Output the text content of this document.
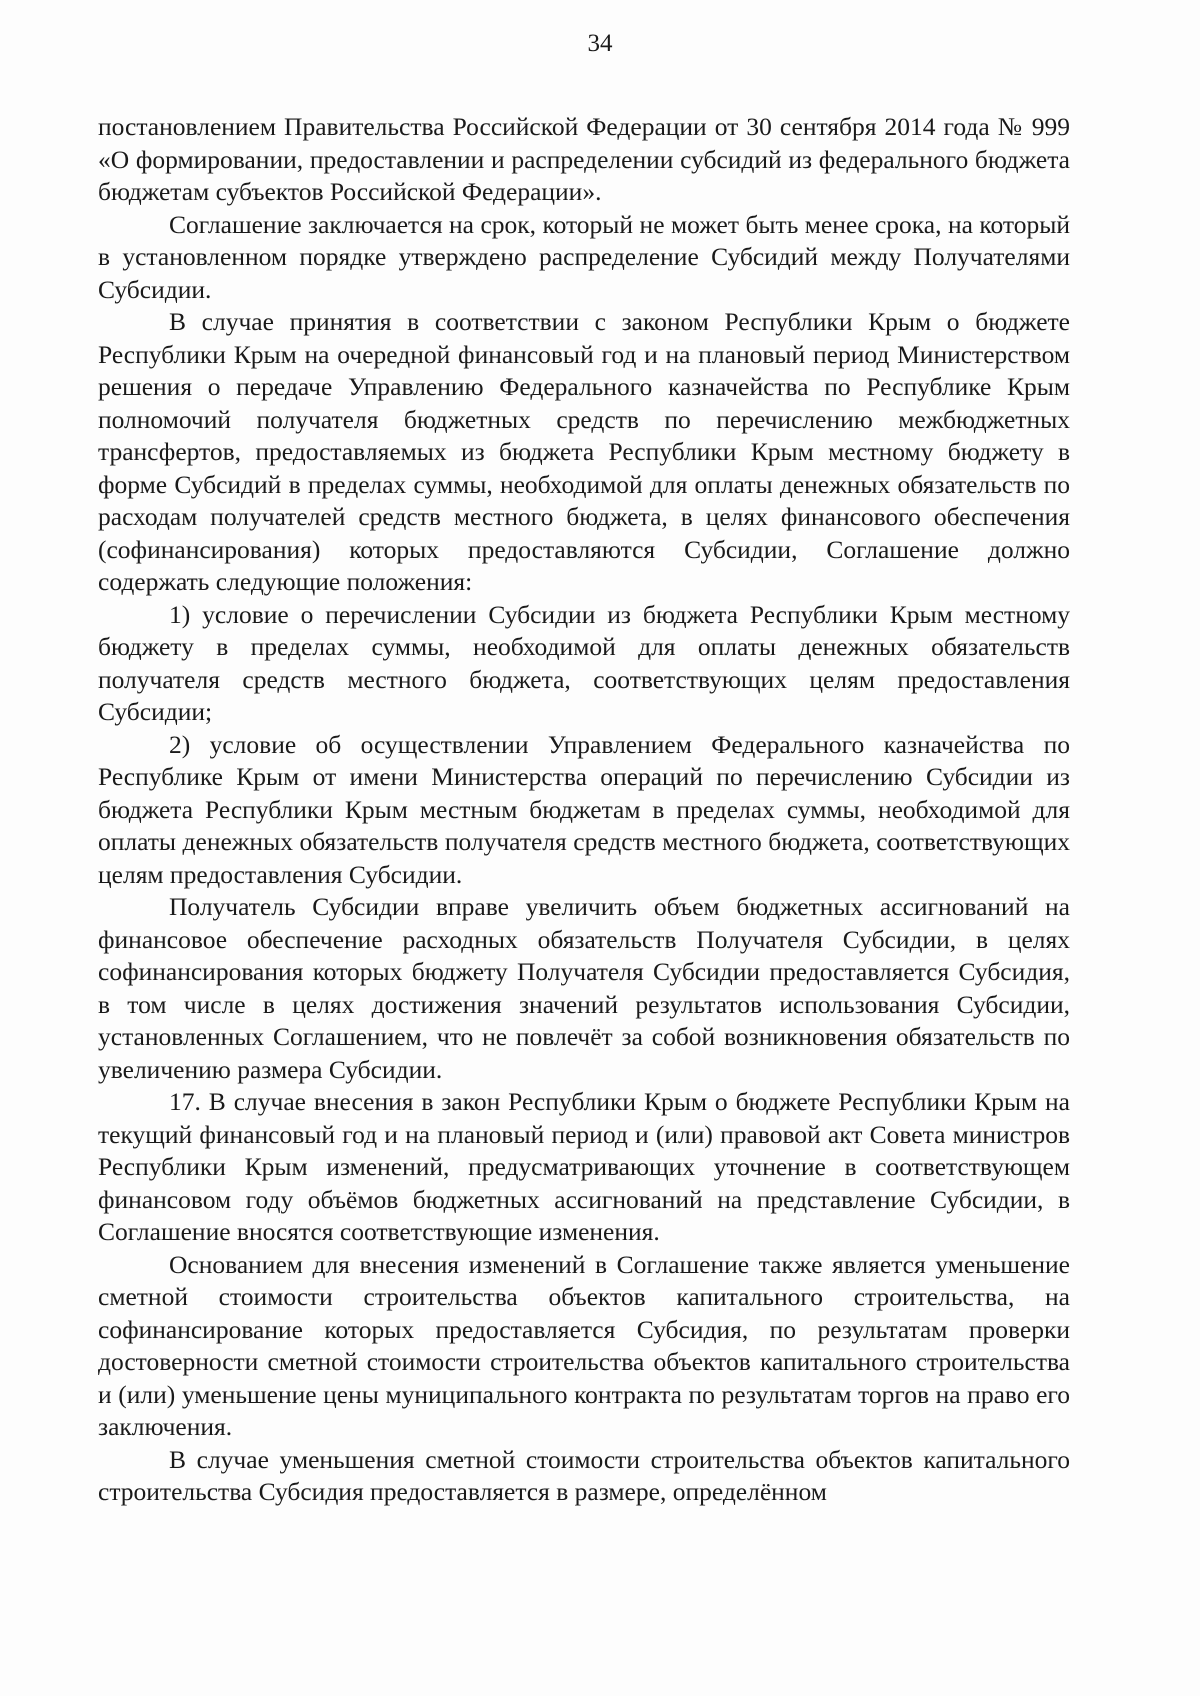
34

постановлением Правительства Российской Федерации от 30 сентября 2014 года № 999 «О формировании, предоставлении и распределении субсидий из федерального бюджета бюджетам субъектов Российской Федерации».

Соглашение заключается на срок, который не может быть менее срока, на который в установленном порядке утверждено распределение Субсидий между Получателями Субсидии.

В случае принятия в соответствии с законом Республики Крым о бюджете Республики Крым на очередной финансовый год и на плановый период Министерством решения о передаче Управлению Федерального казначейства по Республике Крым полномочий получателя бюджетных средств по перечислению межбюджетных трансфертов, предоставляемых из бюджета Республики Крым местному бюджету в форме Субсидий в пределах суммы, необходимой для оплаты денежных обязательств по расходам получателей средств местного бюджета, в целях финансового обеспечения (софинансирования) которых предоставляются Субсидии, Соглашение должно содержать следующие положения:

1) условие о перечислении Субсидии из бюджета Республики Крым местному бюджету в пределах суммы, необходимой для оплаты денежных обязательств получателя средств местного бюджета, соответствующих целям предоставления Субсидии;

2) условие об осуществлении Управлением Федерального казначейства по Республике Крым от имени Министерства операций по перечислению Субсидии из бюджета Республики Крым местным бюджетам в пределах суммы, необходимой для оплаты денежных обязательств получателя средств местного бюджета, соответствующих целям предоставления Субсидии.

Получатель Субсидии вправе увеличить объем бюджетных ассигнований на финансовое обеспечение расходных обязательств Получателя Субсидии, в целях софинансирования которых бюджету Получателя Субсидии предоставляется Субсидия, в том числе в целях достижения значений результатов использования Субсидии, установленных Соглашением, что не повлечёт за собой возникновения обязательств по увеличению размера Субсидии.

17. В случае внесения в закон Республики Крым о бюджете Республики Крым на текущий финансовый год и на плановый период и (или) правовой акт Совета министров Республики Крым изменений, предусматривающих уточнение в соответствующем финансовом году объёмов бюджетных ассигнований на представление Субсидии, в Соглашение вносятся соответствующие изменения.

Основанием для внесения изменений в Соглашение также является уменьшение сметной стоимости строительства объектов капитального строительства, на софинансирование которых предоставляется Субсидия, по результатам проверки достоверности сметной стоимости строительства объектов капитального строительства и (или) уменьшение цены муниципального контракта по результатам торгов на право его заключения.

В случае уменьшения сметной стоимости строительства объектов капитального строительства Субсидия предоставляется в размере, определённом
